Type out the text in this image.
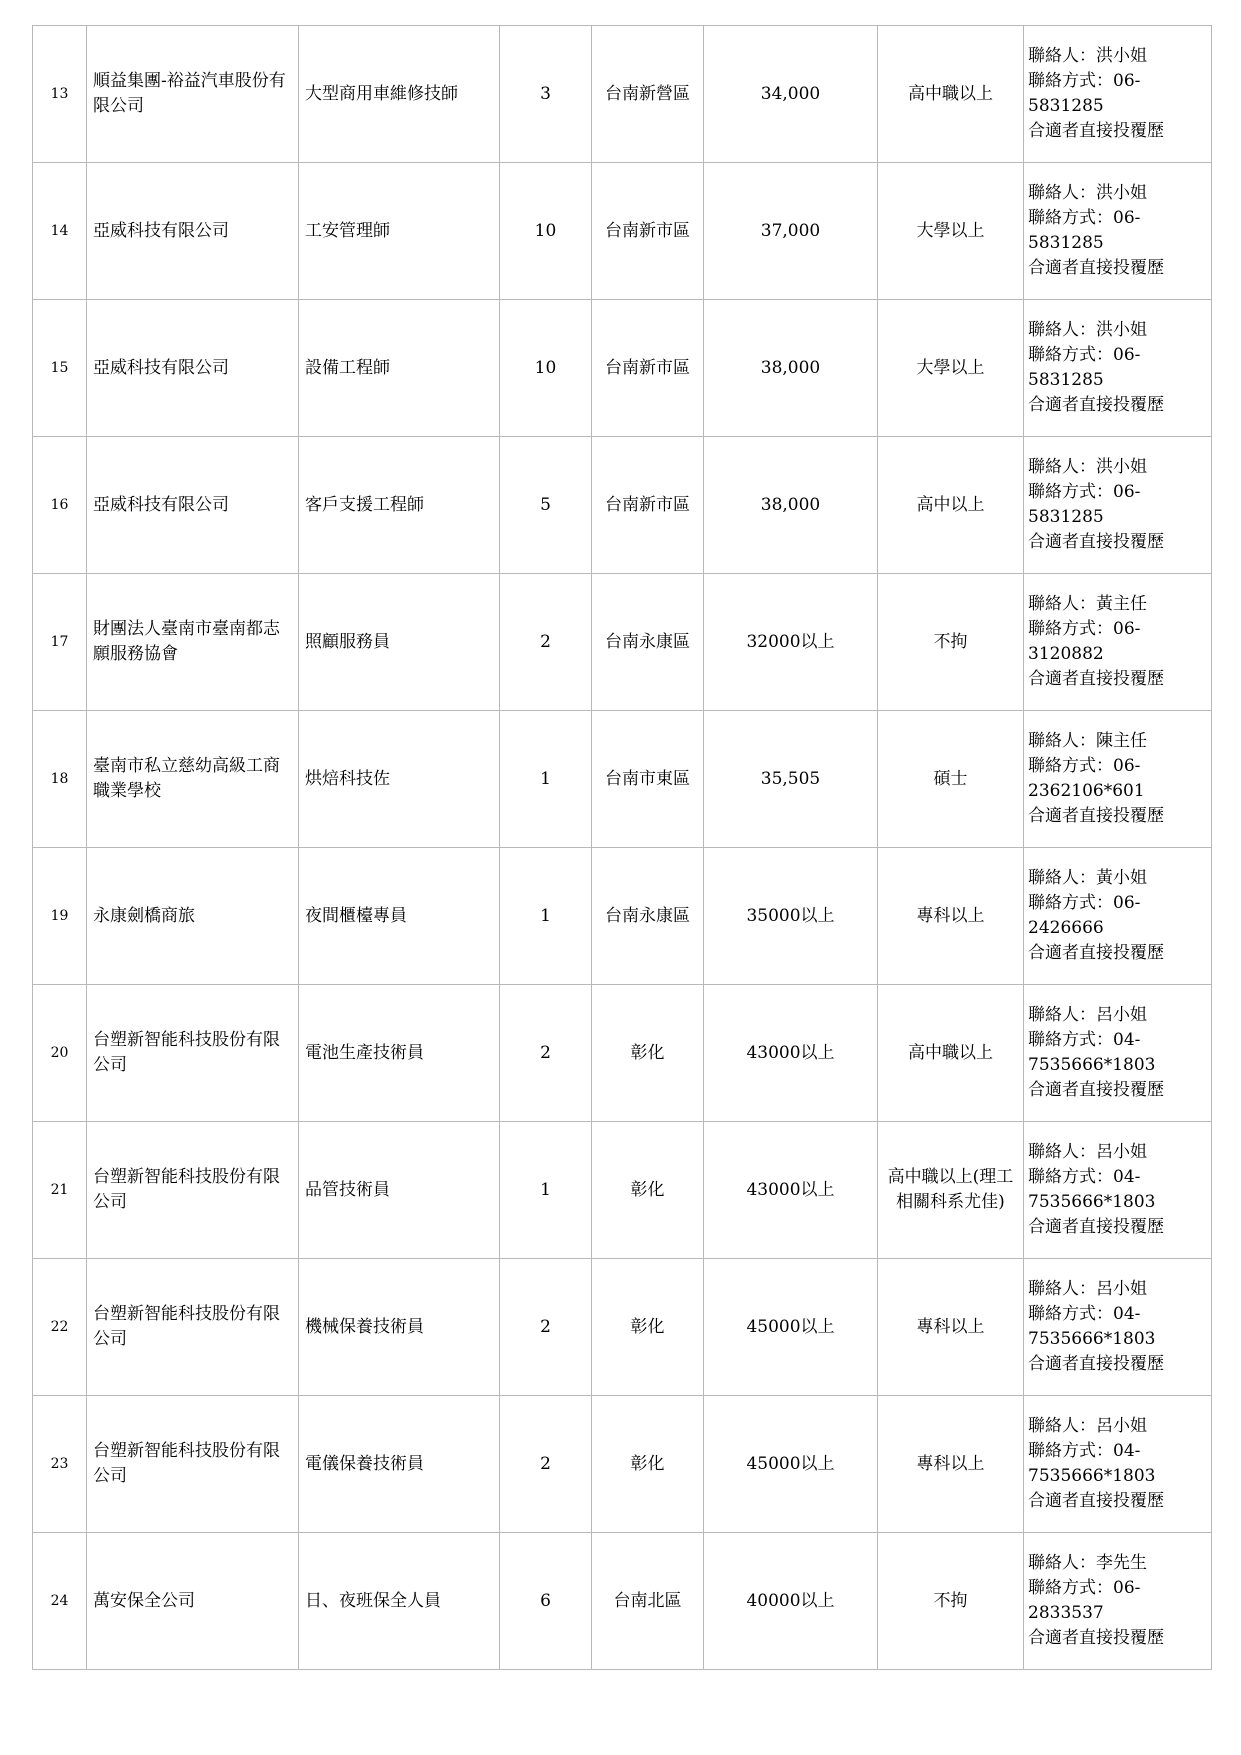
13	順益集團-裕益汽車股份有限公司	大型商用車維修技師	3	台南新營區	34,000	高中職以上	聯絡人：洪小姐
聯絡方式：06-
5831285
合適者直接投覆歷

14	亞威科技有限公司	工安管理師	10	台南新市區	37,000	大學以上	聯絡人：洪小姐
聯絡方式：06-
5831285
合適者直接投覆歷

15	亞威科技有限公司	設備工程師	10	台南新市區	38,000	大學以上	聯絡人：洪小姐
聯絡方式：06-
5831285
合適者直接投覆歷

16	亞威科技有限公司	客戶支援工程師	5	台南新市區	38,000	高中以上	聯絡人：洪小姐
聯絡方式：06-
5831285
合適者直接投覆歷

17	財團法人臺南市臺南都志願服務協會	照顧服務員	2	台南永康區	32000以上	不拘	聯絡人：黃主任
聯絡方式：06-
3120882
合適者直接投覆歷

18	臺南市私立慈幼高級工商職業學校	烘焙科技佐	1	台南市東區	35,505	碩士	聯絡人：陳主任
聯絡方式：06-
2362106*601
合適者直接投覆歷

19	永康劍橋商旅	夜間櫃檯專員	1	台南永康區	35000以上	專科以上	聯絡人：黃小姐
聯絡方式：06-
2426666
合適者直接投覆歷

20	台塑新智能科技股份有限公司	電池生產技術員	2	彰化	43000以上	高中職以上	聯絡人：呂小姐
聯絡方式：04-
7535666*1803
合適者直接投覆歷

21	台塑新智能科技股份有限公司	品管技術員	1	彰化	43000以上	高中職以上(理工相關科系尤佳)	聯絡人：呂小姐
聯絡方式：04-
7535666*1803
合適者直接投覆歷

22	台塑新智能科技股份有限公司	機械保養技術員	2	彰化	45000以上	專科以上	聯絡人：呂小姐
聯絡方式：04-
7535666*1803
合適者直接投覆歷

23	台塑新智能科技股份有限公司	電儀保養技術員	2	彰化	45000以上	專科以上	聯絡人：呂小姐
聯絡方式：04-
7535666*1803
合適者直接投覆歷

24	萬安保全公司	日、夜班保全人員	6	台南北區	40000以上	不拘	聯絡人：李先生
聯絡方式：06-
2833537
合適者直接投覆歷
